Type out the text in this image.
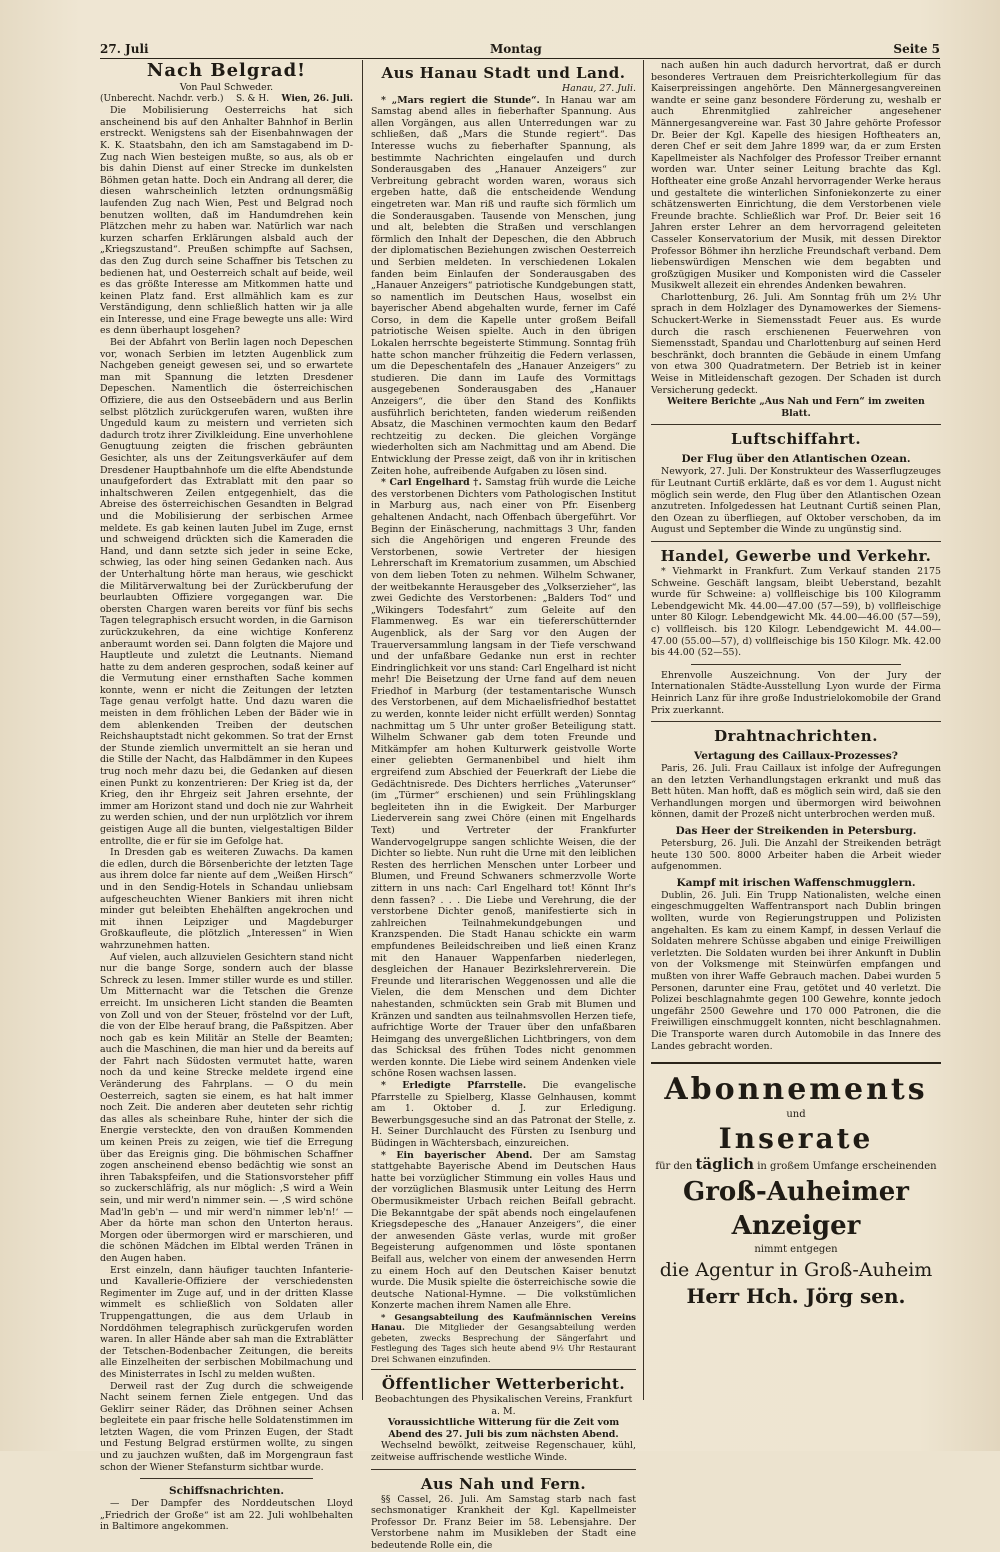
27. Juli	Montag	Seite 5
Nach Belgrad!
Von Paul Schweder.
(Unberecht. Nachdr. verb.) S. & H. Wien, 26. Juli.

Die Mobilisierung Oesterreichs hat sich anscheinend bis auf den Anhalter Bahnhof in Berlin erstreckt. Wenigstens sah der Eisenbahnwagen der K. K. Staatsbahn, den ich am Samstagabend im D-Zug nach Wien besteigen mußte, so aus, als ob er bis dahin Dienst auf einer Strecke im dunkelsten Böhmen getan hatte. Doch ein Andrang all derer, die diesen wahrscheinlich letzten ordnungsmäßig laufenden Zug nach Wien, Pest und Belgrad noch benutzen wollten, daß im Handumdrehen kein Plätzchen mehr zu haben war. Natürlich war nach kurzen scharfen Erklärungen alsbald auch der „Kriegszustand“. Preußen schimpfte auf Sachsen, das den Zug durch seine Schaffner bis Tetschen zu bedienen hat, und Oesterreich schalt auf beide, weil es das größte Interesse am Mitkommen hatte und keinen Platz fand. Erst allmählich kam es zur Verständigung, denn schließlich hatten wir ja alle ein Interesse, und eine Frage bewegte uns alle: Wird es denn überhaupt losgehen?

Bei der Abfahrt von Berlin lagen noch Depeschen vor, wonach Serbien im letzten Augenblick zum Nachgeben geneigt gewesen sei, und so erwartete man mit Spannung die letzten Dresdener Depeschen. Namentlich die österreichischen Offiziere, die aus den Ostseebädern und aus Berlin selbst plötzlich zurückgerufen waren, wußten ihre Ungeduld kaum zu meistern und verrieten sich dadurch trotz ihrer Zivilkleidung. Eine unverhohlene Genugtuung zeigten die frischen gebräunten Gesichter, als uns der Zeitungsverkäufer auf dem Dresdener Hauptbahnhofe um die elfte Abendstunde unaufgefordert das Extrablatt mit den paar so inhaltschweren Zeilen entgegenhielt, das die Abreise des österreichischen Gesandten in Belgrad und die Mobilisierung der serbischen Armee meldete. Es gab keinen lauten Jubel im Zuge, ernst und schweigend drückten sich die Kameraden die Hand, und dann setzte sich jeder in seine Ecke, schwieg, las oder hing seinen Gedanken nach. Aus der Unterhaltung hörte man heraus, wie geschickt die Militärverwaltung bei der Zurückberufung der beurlaubten Offiziere vorgegangen war. Die obersten Chargen waren bereits vor fünf bis sechs Tagen telegraphisch ersucht worden, in die Garnison zurückzukehren, da eine wichtige Konferenz anberaumt worden sei. Dann folgten die Majore und Hauptleute und zuletzt die Leutnants. Niemand hatte zu dem anderen gesprochen, sodaß keiner auf die Vermutung einer ernsthaften Sache kommen konnte, wenn er nicht die Zeitungen der letzten Tage genau verfolgt hatte. Und dazu waren die meisten in dem fröhlichen Leben der Bäder wie in dem ablenkenden Treiben der deutschen Reichshauptstadt nicht gekommen. So trat der Ernst der Stunde ziemlich unvermittelt an sie heran und die Stille der Nacht, das Halbdämmer in den Kupees trug noch mehr dazu bei, die Gedanken auf diesen einen Punkt zu konzentrieren: Der Krieg ist da, der Krieg, den ihr Ehrgeiz seit Jahren ersehnte, der immer am Horizont stand und doch nie zur Wahrheit zu werden schien, und der nun urplötzlich vor ihrem geistigen Auge all die bunten, vielgestaltigen Bilder entrollte, die er für sie im Gefolge hat.

In Dresden gab es weiteren Zuwachs. Da kamen die edlen, durch die Börsenberichte der letzten Tage aus ihrem dolce far niente auf dem „Weißen Hirsch“ und in den Sendig-Hotels in Schandau unliebsam aufgescheuchten Wiener Bankiers mit ihren nicht minder gut beleibten Ehehälften angekrochen und mit ihnen Leipziger und Magdeburger Großkaufleute, die plötzlich „Interessen“ in Wien wahrzunehmen hatten.

Auf vielen, auch allzuvielen Gesichtern stand nicht nur die bange Sorge, sondern auch der blasse Schreck zu lesen. Immer stiller wurde es und stiller. Um Mitternacht war die Tetschen die Grenze erreicht. Im unsicheren Licht standen die Beamten von Zoll und von der Steuer, fröstelnd vor der Luft, die von der Elbe herauf brang, die Paßspitzen. Aber noch gab es kein Militär an Stelle der Beamten; auch die Maschinen, die man hier und da bereits auf der Fahrt nach Südosten vermutet hatte, waren noch da und keine Strecke meldete irgend eine Veränderung des Fahrplans. — O du mein Oesterreich, sagten sie einem, es hat halt immer noch Zeit. Die anderen aber deuteten sehr richtig das alles als scheinbare Ruhe, hinter der sich die Energie versteckte, den von draußen Kommenden um keinen Preis zu zeigen, wie tief die Erregung über das Ereignis ging. Die böhmischen Schaffner zogen anscheinend ebenso bedächtig wie sonst an ihren Tabakspfeifen, und die Stationsvorsteher pfiff so zuckerschläfrig, als nur möglich: ‚S wird a Wein sein, und mir werd'n nimmer sein. — ‚S wird schöne Mad'ln geb'n — und mir werd'n nimmer leb'n!‘ — Aber da hörte man schon den Unterton heraus. Morgen oder übermorgen wird er marschieren, und die schönen Mädchen im Elbtal werden Tränen in den Augen haben.

Erst einzeln, dann häufiger tauchten Infanterie- und Kavallerie-Offiziere der verschiedensten Regimenter im Zuge auf, und in der dritten Klasse wimmelt es schließlich von Soldaten aller Truppengattungen, die aus dem Urlaub in Norddöhmen telegraphisch zurückgerufen worden waren. In aller Hände aber sah man die Extrablätter der Tetschen-Bodenbacher Zeitungen, die bereits alle Einzelheiten der serbischen Mobilmachung und des Ministerrates in Ischl zu melden wußten.

Derweil rast der Zug durch die schweigende Nacht seinem fernen Ziele entgegen. Und das Geklirr seiner Räder, das Dröhnen seiner Achsen begleitete ein paar frische helle Soldatenstimmen im letzten Wagen, die vom Prinzen Eugen, der Stadt und Festung Belgrad erstürmen wollte, zu singen und zu jauchzen wußten, daß im Morgengraun fast schon der Wiener Stefansturm sichtbar wurde.

Schiffsnachrichten.

— Der Dampfer des Norddeutschen Lloyd „Friedrich der Große“ ist am 22. Juli wohlbehalten in Baltimore angekommen.

Aus Hanau Stadt und Land.
Hanau, 27. Juli.

* „Mars regiert die Stunde“. In Hanau war am Samstag abend alles in fieberhafter Spannung. Aus allen Vorgängen, aus allen Unterredungen war zu schließen, daß „Mars die Stunde regiert“. Das Interesse wuchs zu fieberhafter Spannung, als bestimmte Nachrichten eingelaufen und durch Sonderausgaben des „Hanauer Anzeigers“ zur Verbreitung gebracht worden waren, woraus sich ergeben hatte, daß die entscheidende Wendung eingetreten war. Man riß und raufte sich förmlich um die Sonderausgaben. Tausende von Menschen, jung und alt, belebten die Straßen und verschlangen förmlich den Inhalt der Depeschen, die den Abbruch der diplomatischen Beziehungen zwischen Oesterreich und Serbien meldeten. In verschiedenen Lokalen fanden beim Einlaufen der Sonderausgaben des „Hanauer Anzeigers“ patriotische Kundgebungen statt, so namentlich im Deutschen Haus, woselbst ein bayerischer Abend abgehalten wurde, ferner im Café Corso, in dem die Kapelle unter großem Beifall patriotische Weisen spielte. Auch in den übrigen Lokalen herrschte begeisterte Stimmung. Sonntag früh hatte schon mancher frühzeitig die Federn verlassen, um die Depeschentafeln des „Hanauer Anzeigers“ zu studieren. Die dann im Laufe des Vormittags ausgegebenen Sonderausgaben des „Hanauer Anzeigers“, die über den Stand des Konflikts ausführlich berichteten, fanden wiederum reißenden Absatz, die Maschinen vermochten kaum den Bedarf rechtzeitig zu decken. Die gleichen Vorgänge wiederholten sich am Nachmittag und am Abend. Die Entwicklung der Presse zeigt, daß von ihr in kritischen Zeiten hohe, aufreibende Aufgaben zu lösen sind.

* Carl Engelhard †. Samstag früh wurde die Leiche des verstorbenen Dichters vom Pathologischen Institut in Marburg aus, nach einer von Pfr. Eisenberg gehaltenen Andacht, nach Offenbach übergeführt. Vor Beginn der Einäscherung, nachmittags 3 Uhr, fanden sich die Angehörigen und engeren Freunde des Verstorbenen, sowie Vertreter der hiesigen Lehrerschaft im Krematorium zusammen, um Abschied von dem lieben Toten zu nehmen. Wilhelm Schwaner, der weitbekannte Herausgeber des „Volkserzieher“, las zwei Gedichte des Verstorbenen: „Balders Tod“ und „Wikingers Todesfahrt“ zum Geleite auf den Flammenweg. Es war ein tiefererschütternder Augenblick, als der Sarg vor den Augen der Trauerversammlung langsam in der Tiefe verschwand und der unfaßbare Gedanke nun erst in rechter Eindringlichkeit vor uns stand: Carl Engelhard ist nicht mehr! Die Beisetzung der Urne fand auf dem neuen Friedhof in Marburg (der testamentarische Wunsch des Verstorbenen, auf dem Michaelisfriedhof bestattet zu werden, konnte leider nicht erfüllt werden) Sonntag nachmittag um 5 Uhr unter großer Beteiligung statt. Wilhelm Schwaner gab dem toten Freunde und Mitkämpfer am hohen Kulturwerk geistvolle Worte einer geliebten Germanenbibel und hielt ihm ergreifend zum Abschied der Feuerkraft der Liebe die Gedächtnisrede. Des Dichters herrliches „Vaterunser“ (im „Türmer“ erschienen) und sein Frühlingsklang begleiteten ihn in die Ewigkeit. Der Marburger Liederverein sang zwei Chöre (einen mit Engelhards Text) und Vertreter der Frankfurter Wandervogelgruppe sangen schlichte Weisen, die der Dichter so liebte. Nun ruht die Urne mit den leiblichen Resten des herrlichen Menschen unter Lorbeer und Blumen, und Freund Schwaners schmerzvolle Worte zittern in uns nach: Carl Engelhard tot! Könnt Ihr's denn fassen? . . . Die Liebe und Verehrung, die der verstorbene Dichter genoß, manifestierte sich in zahlreichen Teilnahmekundgebungen und Kranzspenden. Die Stadt Hanau schickte ein warm empfundenes Beileidschreiben und ließ einen Kranz mit den Hanauer Wappenfarben niederlegen, desgleichen der Hanauer Bezirkslehrerverein. Die Freunde und literarischen Weggenossen und alle die Vielen, die dem Menschen und dem Dichter nahestanden, schmückten sein Grab mit Blumen und Kränzen und sandten aus teilnahmsvollen Herzen tiefe, aufrichtige Worte der Trauer über den unfaßbaren Heimgang des unvergeßlichen Lichtbringers, von dem das Schicksal des frühen Todes nicht genommen werden konnte. Die Liebe wird seinem Andenken viele schöne Rosen wachsen lassen.

* Erledigte Pfarrstelle. Die evangelische Pfarrstelle zu Spielberg, Klasse Gelnhausen, kommt am 1. Oktober d. J. zur Erledigung. Bewerbungsgesuche sind an das Patronat der Stelle, z. H. Seiner Durchlaucht des Fürsten zu Isenburg und Büdingen in Wächtersbach, einzureichen.

* Ein bayerischer Abend. Der am Samstag stattgehabte Bayerische Abend im Deutschen Haus hatte bei vorzüglicher Stimmung ein volles Haus und der vorzüglichen Blasmusik unter Leitung des Herrn Obermusikmeister Urbach reichen Beifall gebracht. Die Bekanntgabe der spät abends noch eingelaufenen Kriegsdepesche des „Hanauer Anzeigers“, die einer der anwesenden Gäste verlas, wurde mit großer Begeisterung aufgenommen und löste spontanen Beifall aus, welcher von einem der anwesenden Herrn zu einem Hoch auf den Deutschen Kaiser benutzt wurde. Die Musik spielte die österreichische sowie die deutsche National-Hymne. — Die volkstümlichen Konzerte machen ihrem Namen alle Ehre.

* Gesangsabteilung des Kaufmännischen Vereins Hanau. Die Mitglieder der Gesangsabteilung werden gebeten, zwecks Besprechung der Sängerfahrt und Festlegung des Tages sich heute abend 9½ Uhr Restaurant Drei Schwanen einzufinden.

Öffentlicher Wetterbericht.
Beobachtungen des Physikalischen Vereins, Frankfurt a. M.
Voraussichtliche Witterung für die Zeit vom Abend des 27. Juli bis zum nächsten Abend.

Wechselnd bewölkt, zeitweise Regenschauer, kühl, zeitweise auffrischende westliche Winde.

Aus Nah und Fern.

§§ Cassel, 26. Juli. Am Samstag starb nach fast sechsmonatiger Krankheit der Kgl. Kapellmeister Professor Dr. Franz Beier im 58. Lebensjahre. Der Verstorbene nahm im Musikleben der Stadt eine bedeutende Rolle ein, die

nach außen hin auch dadurch hervortrat, daß er durch besonderes Vertrauen dem Preisrichterkollegium für das Kaiserpreissingen angehörte. Den Männergesangvereinen wandte er seine ganz besondere Förderung zu, weshalb er auch Ehrenmitglied zahlreicher angesehener Männergesangvereine war. Fast 30 Jahre gehörte Professor Dr. Beier der Kgl. Kapelle des hiesigen Hoftheaters an, deren Chef er seit dem Jahre 1899 war, da er zum Ersten Kapellmeister als Nachfolger des Professor Treiber ernannt worden war. Unter seiner Leitung brachte das Kgl. Hoftheater eine große Anzahl hervorragender Werke heraus und gestaltete die winterlichen Sinfoniekonzerte zu einer schätzenswerten Einrichtung, die dem Verstorbenen viele Freunde brachte. Schließlich war Prof. Dr. Beier seit 16 Jahren erster Lehrer an dem hervorragend geleiteten Casseler Konservatorium der Musik, mit dessen Direktor Professor Böhmer ihn herzliche Freundschaft verband. Dem liebenswürdigen Menschen wie dem begabten und großzügigen Musiker und Komponisten wird die Casseler Musikwelt allezeit ein ehrendes Andenken bewahren.

Charlottenburg, 26. Juli. Am Sonntag früh um 2½ Uhr sprach in dem Holzlager des Dynamowerkes der Siemens-Schuckert-Werke in Siemensstadt Feuer aus. Es wurde durch die rasch erschienenen Feuerwehren von Siemensstadt, Spandau und Charlottenburg auf seinen Herd beschränkt, doch brannten die Gebäude in einem Umfang von etwa 300 Quadratmetern. Der Betrieb ist in keiner Weise in Mitleidenschaft gezogen. Der Schaden ist durch Versicherung gedeckt.

Weitere Berichte „Aus Nah und Fern“ im zweiten Blatt.
Luftschiffahrt.
Der Flug über den Atlantischen Ozean.

Newyork, 27. Juli. Der Konstrukteur des Wasserflugzeuges für Leutnant Curtiß erklärte, daß es vor dem 1. August nicht möglich sein werde, den Flug über den Atlantischen Ozean anzutreten. Infolgedessen hat Leutnant Curtiß seinen Plan, den Ozean zu überfliegen, auf Oktober verschoben, da im August und September die Winde zu ungünstig sind.

Handel, Gewerbe und Verkehr.

* Viehmarkt in Frankfurt. Zum Verkauf standen 2175 Schweine. Geschäft langsam, bleibt Ueberstand, bezahlt wurde für Schweine: a) vollfleischige bis 100 Kilogramm Lebendgewicht Mk. 44.00—47.00 (57—59), b) vollfleischige unter 80 Kilogr. Lebendgewicht Mk. 44.00—46.00 (57—59), c) vollfleisch. bis 120 Kilogr. Lebendgewicht M. 44.00—47.00 (55.00—57), d) vollfleischige bis 150 Kilogr. Mk. 42.00 bis 44.00 (52—55).

Ehrenvolle Auszeichnung. Von der Jury der Internationalen Städte-Ausstellung Lyon wurde der Firma Heinrich Lanz für ihre große Industrielokomobile der Grand Prix zuerkannt.

Drahtnachrichten.
Vertagung des Caillaux-Prozesses?

Paris, 26. Juli. Frau Caillaux ist infolge der Aufregungen an den letzten Verhandlungstagen erkrankt und muß das Bett hüten. Man hofft, daß es möglich sein wird, daß sie den Verhandlungen morgen und übermorgen wird beiwohnen können, damit der Prozeß nicht unterbrochen werden muß.

Das Heer der Streikenden in Petersburg.

Petersburg, 26. Juli. Die Anzahl der Streikenden beträgt heute 130 500. 8000 Arbeiter haben die Arbeit wieder aufgenommen.

Kampf mit irischen Waffenschmugglern.

Dublin, 26. Juli. Ein Trupp Nationalisten, welche einen eingeschmuggelten Waffentransport nach Dublin bringen wollten, wurde von Regierungstruppen und Polizisten angehalten. Es kam zu einem Kampf, in dessen Verlauf die Soldaten mehrere Schüsse abgaben und einige Freiwilligen verletzten. Die Soldaten wurden bei ihrer Ankunft in Dublin von der Volksmenge mit Steinwürfen empfangen und mußten von ihrer Waffe Gebrauch machen. Dabei wurden 5 Personen, darunter eine Frau, getötet und 40 verletzt. Die Polizei beschlagnahmte gegen 100 Gewehre, konnte jedoch ungefähr 2500 Gewehre und 170 000 Patronen, die die Freiwilligen einschmuggelt konnten, nicht beschlagnahmen. Die Transporte waren durch Automobile in das Innere des Landes gebracht worden.

Abonnements
und
Inserate
für den täglich in großem Umfange erscheinenden
Groß-Auheimer Anzeiger
nimmt entgegen
die Agentur in Groß-Auheim
Herr Hch. Jörg sen.
